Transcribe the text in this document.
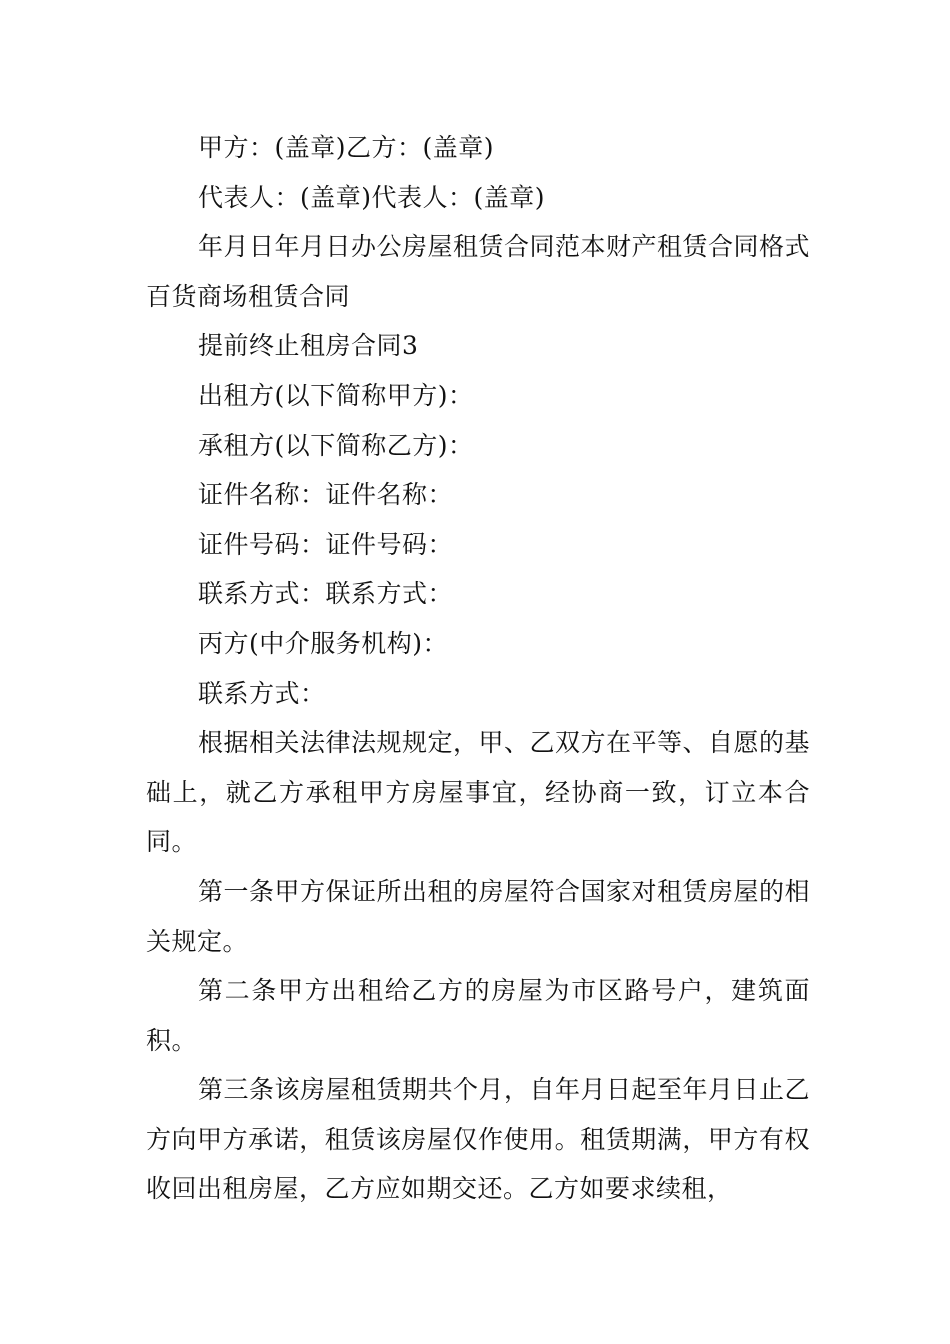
甲方：(盖章)乙方：(盖章)

代表人：(盖章)代表人：(盖章)

年月日年月日办公房屋租赁合同范本财产租赁合同格式百货商场租赁合同

提前终止租房合同3

出租方(以下简称甲方)：

承租方(以下简称乙方)：

证件名称：证件名称：

证件号码：证件号码：

联系方式：联系方式：

丙方(中介服务机构)：

联系方式：

根据相关法律法规规定，甲、乙双方在平等、自愿的基础上，就乙方承租甲方房屋事宜，经协商一致，订立本合同。

第一条甲方保证所出租的房屋符合国家对租赁房屋的相关规定。

第二条甲方出租给乙方的房屋为市区路号户，建筑面积。

第三条该房屋租赁期共个月，自年月日起至年月日止乙方向甲方承诺，租赁该房屋仅作使用。租赁期满，甲方有权收回出租房屋，乙方应如期交还。乙方如要求续租，
